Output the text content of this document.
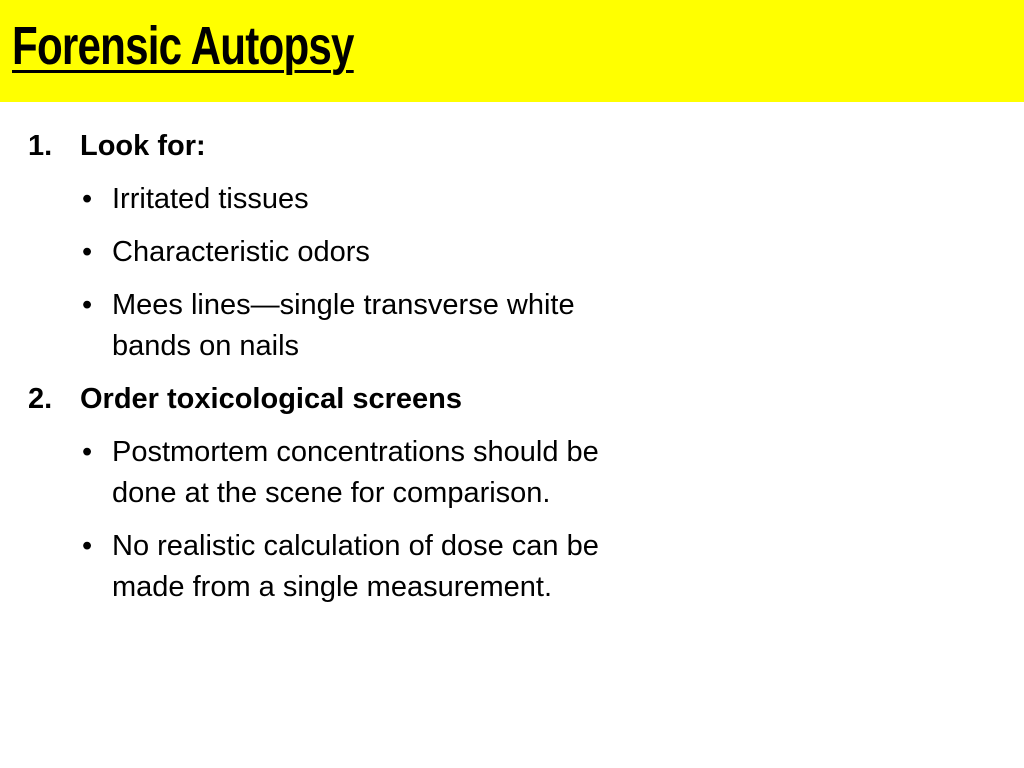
Forensic Autopsy
1. Look for:
• Irritated tissues
• Characteristic odors
• Mees lines—single transverse white bands on nails
2. Order toxicological screens
• Postmortem concentrations should be done at the scene for comparison.
• No realistic calculation of dose can be made from a single measurement.
